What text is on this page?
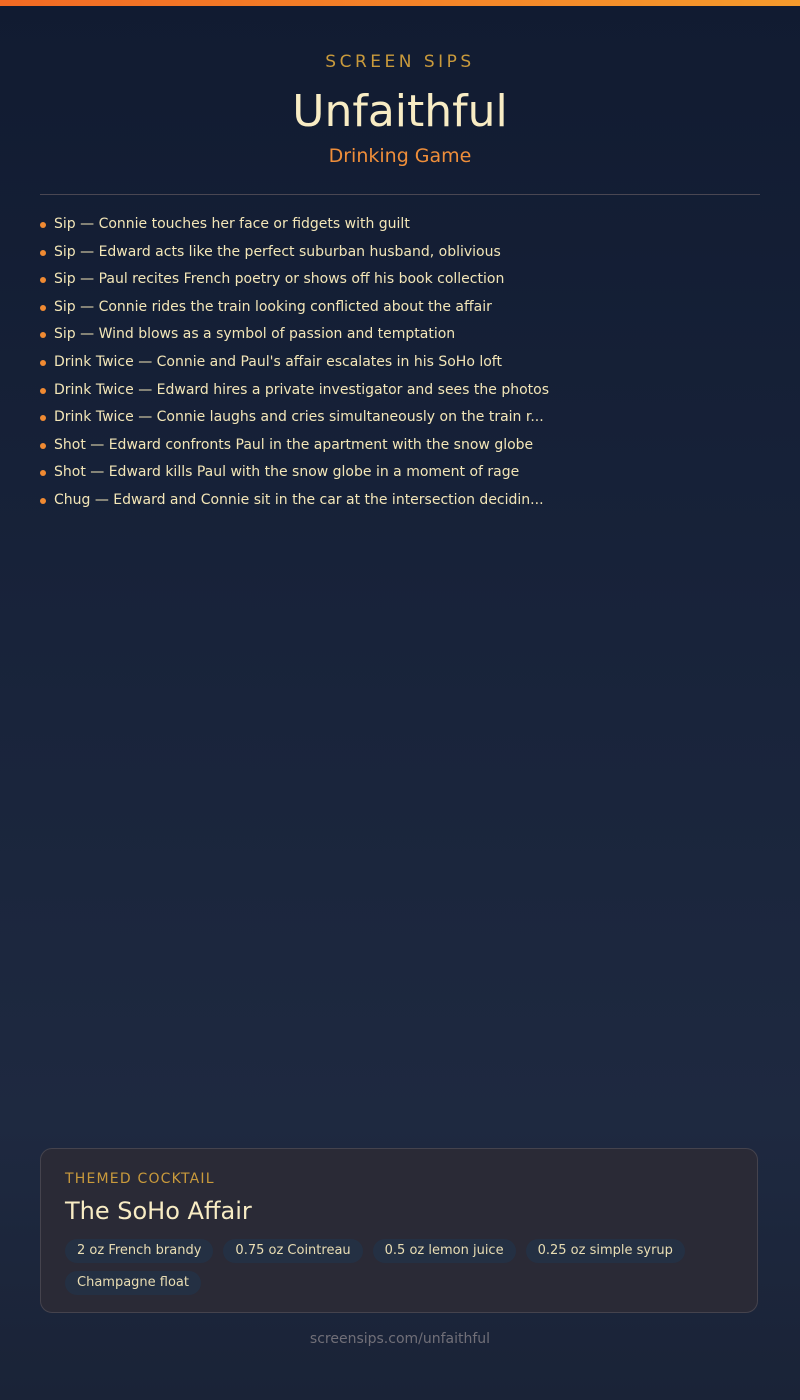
SCREEN SIPS
Unfaithful
Drinking Game
Sip — Connie touches her face or fidgets with guilt
Sip — Edward acts like the perfect suburban husband, oblivious
Sip — Paul recites French poetry or shows off his book collection
Sip — Connie rides the train looking conflicted about the affair
Sip — Wind blows as a symbol of passion and temptation
Drink Twice — Connie and Paul's affair escalates in his SoHo loft
Drink Twice — Edward hires a private investigator and sees the photos
Drink Twice — Connie laughs and cries simultaneously on the train r...
Shot — Edward confronts Paul in the apartment with the snow globe
Shot — Edward kills Paul with the snow globe in a moment of rage
Chug — Edward and Connie sit in the car at the intersection decidin...
THEMED COCKTAIL
The SoHo Affair
2 oz French brandy	0.75 oz Cointreau	0.5 oz lemon juice	0.25 oz simple syrup
Champagne float
screensips.com/unfaithful
